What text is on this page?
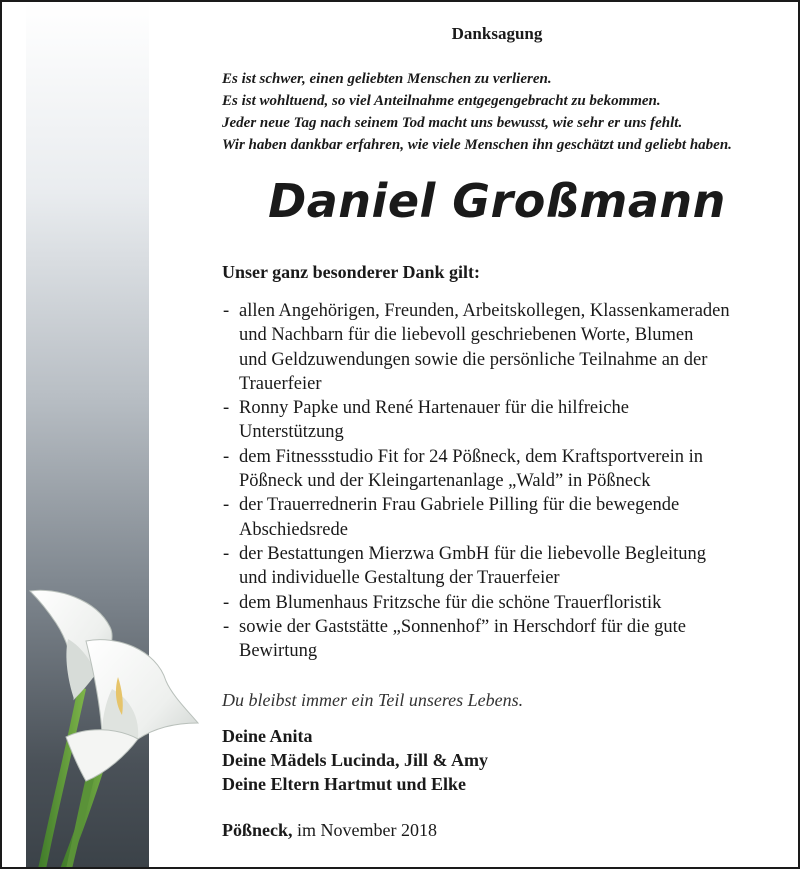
Danksagung
Es ist schwer, einen geliebten Menschen zu verlieren.
Es ist wohltuend, so viel Anteilnahme entgegengebracht zu bekommen.
Jeder neue Tag nach seinem Tod macht uns bewusst, wie sehr er uns fehlt.
Wir haben dankbar erfahren, wie viele Menschen ihn geschätzt und geliebt haben.
Daniel Großmann
Unser ganz besonderer Dank gilt:
- allen Angehörigen, Freunden, Arbeitskollegen, Klassenkameraden
und Nachbarn für die liebevoll geschriebenen Worte, Blumen
und Geldzuwendungen sowie die persönliche Teilnahme an der
Trauerfeier
- Ronny Papke und René Hartenauer für die hilfreiche
Unterstützung
- dem Fitnessstudio Fit for 24 Pößneck, dem Kraftsportverein in
Pößneck und der Kleingartenanlage „Wald” in Pößneck
- der Trauerrednerin Frau Gabriele Pilling für die bewegende
Abschiedsrede
- der Bestattungen Mierzwa GmbH für die liebevolle Begleitung
und individuelle Gestaltung der Trauerfeier
- dem Blumenhaus Fritzsche für die schöne Trauerfloristik
- sowie der Gaststätte „Sonnenhof” in Herschdorf für die gute
Bewirtung
Du bleibst immer ein Teil unseres Lebens.
Deine Anita
Deine Mädels Lucinda, Jill & Amy
Deine Eltern Hartmut und Elke
Pößneck, im November 2018
